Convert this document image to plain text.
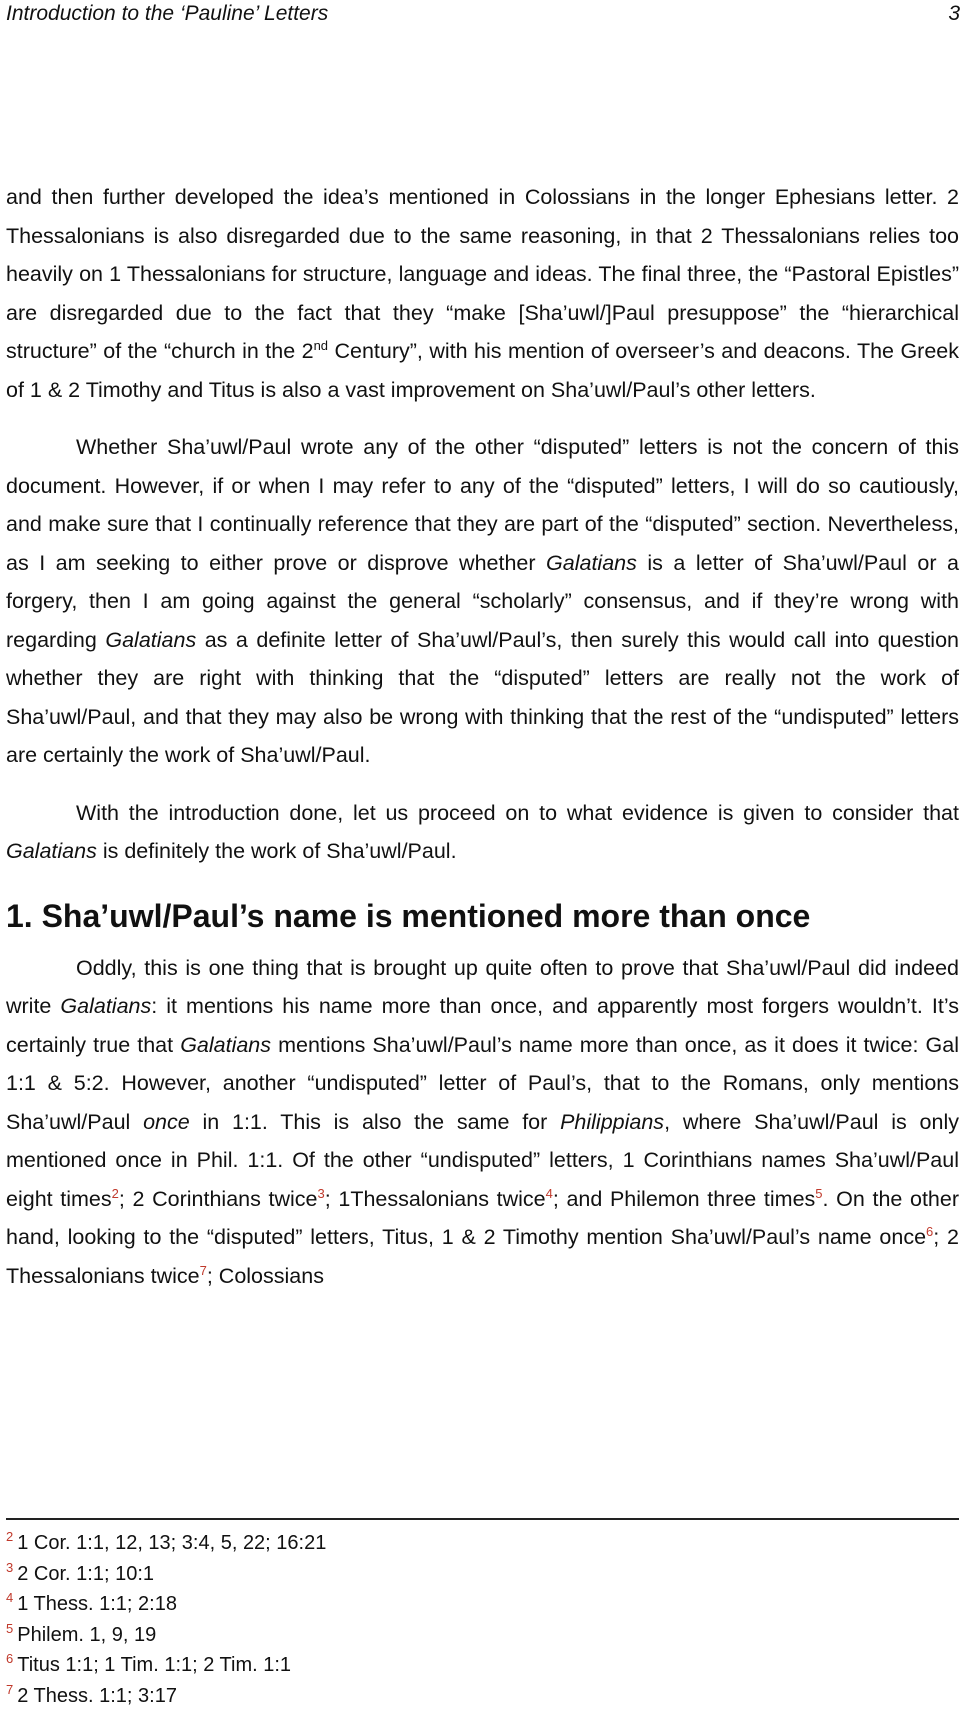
Introduction to the ‘Pauline’ Letters	3

and then further developed the idea’s mentioned in Colossians in the longer Ephesians letter. 2 Thessalonians is also disregarded due to the same reasoning, in that 2 Thessalonians relies too heavily on 1 Thessalonians for structure, language and ideas. The final three, the “Pastoral Epistles” are disregarded due to the fact that they “make [Sha’uwl/]Paul presuppose” the “hierarchical structure” of the “church in the 2nd Century”, with his mention of overseer’s and deacons. The Greek of 1 & 2 Timothy and Titus is also a vast improvement on Sha’uwl/Paul’s other letters.

Whether Sha’uwl/Paul wrote any of the other “disputed” letters is not the concern of this document. However, if or when I may refer to any of the “disputed” letters, I will do so cautiously, and make sure that I continually reference that they are part of the “disputed” section. Nevertheless, as I am seeking to either prove or disprove whether Galatians is a letter of Sha’uwl/Paul or a forgery, then I am going against the general “scholarly” consensus, and if they’re wrong with regarding Galatians as a definite letter of Sha’uwl/Paul’s, then surely this would call into question whether they are right with thinking that the “disputed” letters are really not the work of Sha’uwl/Paul, and that they may also be wrong with thinking that the rest of the “undisputed” letters are certainly the work of Sha’uwl/Paul.

With the introduction done, let us proceed on to what evidence is given to consider that Galatians is definitely the work of Sha’uwl/Paul.

1. Sha’uwl/Paul’s name is mentioned more than once

Oddly, this is one thing that is brought up quite often to prove that Sha’uwl/Paul did indeed write Galatians: it mentions his name more than once, and apparently most forgers wouldn’t. It’s certainly true that Galatians mentions Sha’uwl/Paul’s name more than once, as it does it twice: Gal 1:1 & 5:2. However, another “undisputed” letter of Paul’s, that to the Romans, only mentions Sha’uwl/Paul once in 1:1. This is also the same for Philippians, where Sha’uwl/Paul is only mentioned once in Phil. 1:1. Of the other “undisputed” letters, 1 Corinthians names Sha’uwl/Paul eight times$^2$; 2 Corinthians twice$^3$; 1Thessalonians twice$^4$; and Philemon three times$^5$. On the other hand, looking to the “disputed” letters, Titus, 1 & 2 Timothy mention Sha’uwl/Paul’s name once$^6$; 2 Thessalonians twice$^7$; Colossians

$^2$ 1 Cor. 1:1, 12, 13; 3:4, 5, 22; 16:21
$^3$ 2 Cor. 1:1; 10:1
$^4$ 1 Thess. 1:1; 2:18
$^5$ Philem. 1, 9, 19
$^6$ Titus 1:1; 1 Tim. 1:1; 2 Tim. 1:1
$^7$ 2 Thess. 1:1; 3:17
